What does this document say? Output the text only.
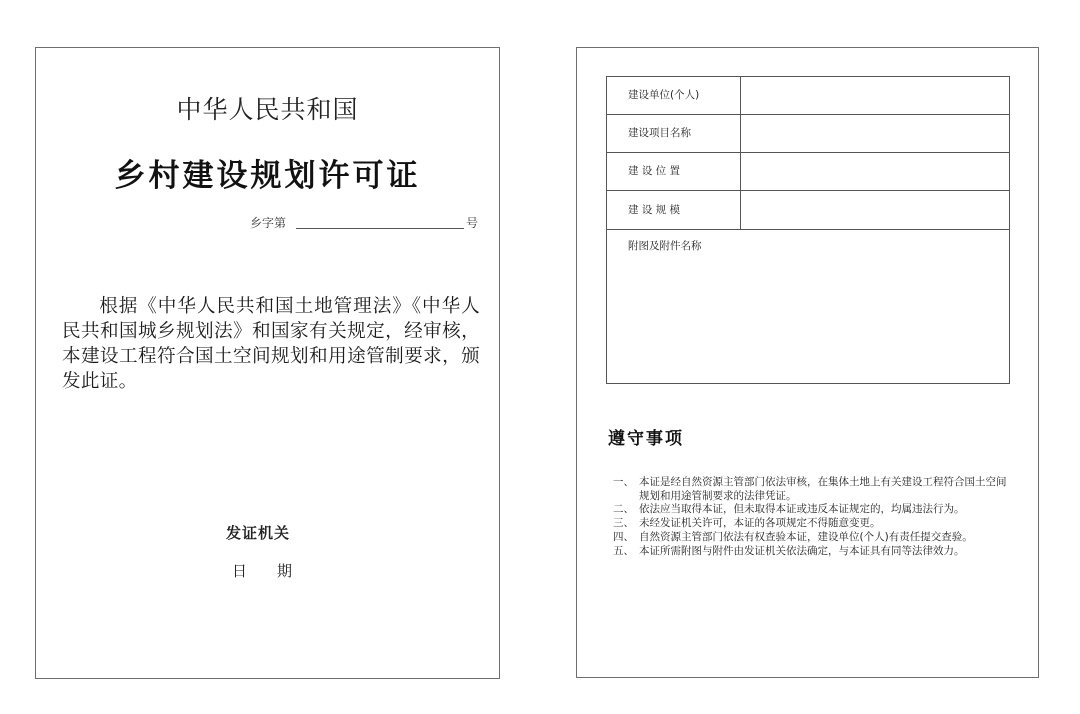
中华人民共和国
乡村建设规划许可证
乡字第	号
根据《中华人民共和国土地管理法》《中华人民共和国城乡规划法》和国家有关规定，经审核，本建设工程符合国土空间规划和用途管制要求，颁发此证。
发证机关
日　　期
建设单位(个人)
建设项目名称
建 设 位 置
建 设 规 模
附图及附件名称
遵守事项
一、 本证是经自然资源主管部门依法审核，在集体土地上有关建设工程符合国土空间规划和用途管制要求的法律凭证。
二、 依法应当取得本证，但未取得本证或违反本证规定的，均属违法行为。
三、 未经发证机关许可，本证的各项规定不得随意变更。
四、 自然资源主管部门依法有权查验本证，建设单位(个人)有责任提交查验。
五、 本证所需附图与附件由发证机关依法确定，与本证具有同等法律效力。
